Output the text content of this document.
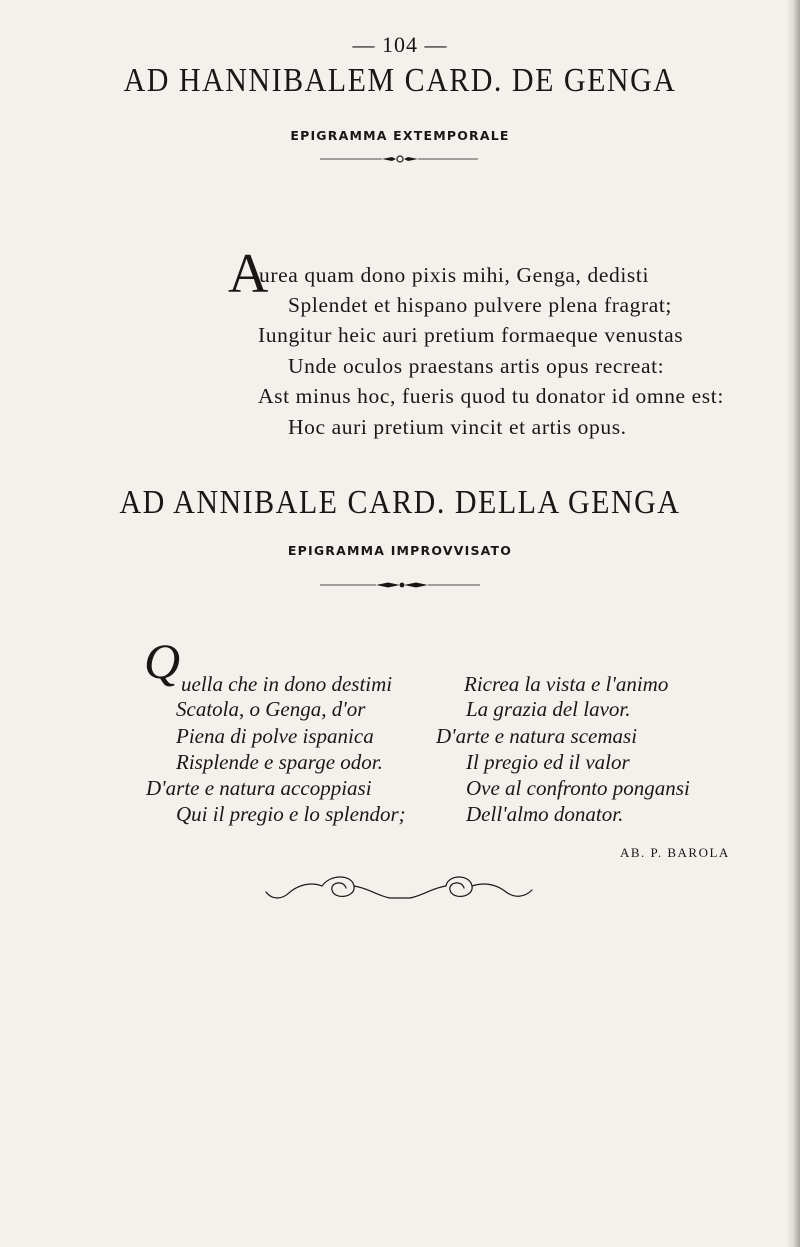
— 104 —
AD HANNIBALEM CARD. DE GENGA
EPIGRAMMA EXTEMPORALE
A
urea quam dono pixis mihi, Genga, dedisti
Splendet et hispano pulvere plena fragrat;
Iungitur heic auri pretium formaeque venustas
Unde oculos praestans artis opus recreat:
Ast minus hoc, fueris quod tu donator id omne est:
Hoc auri pretium vincit et artis opus.
AD ANNIBALE CARD. DELLA GENGA
EPIGRAMMA IMPROVVISATO
Q uella che in dono destimi
Scatola, o Genga, d'or
Piena di polve ispanica
Risplende e sparge odor.
D'arte e natura accoppiasi
Qui il pregio e lo splendor;
Ricrea la vista e l'animo
La grazia del lavor.
D'arte e natura scemasi
Il pregio ed il valor
Ove al confronto pongansi
Dell'almo donator.
AB. P. BAROLA
